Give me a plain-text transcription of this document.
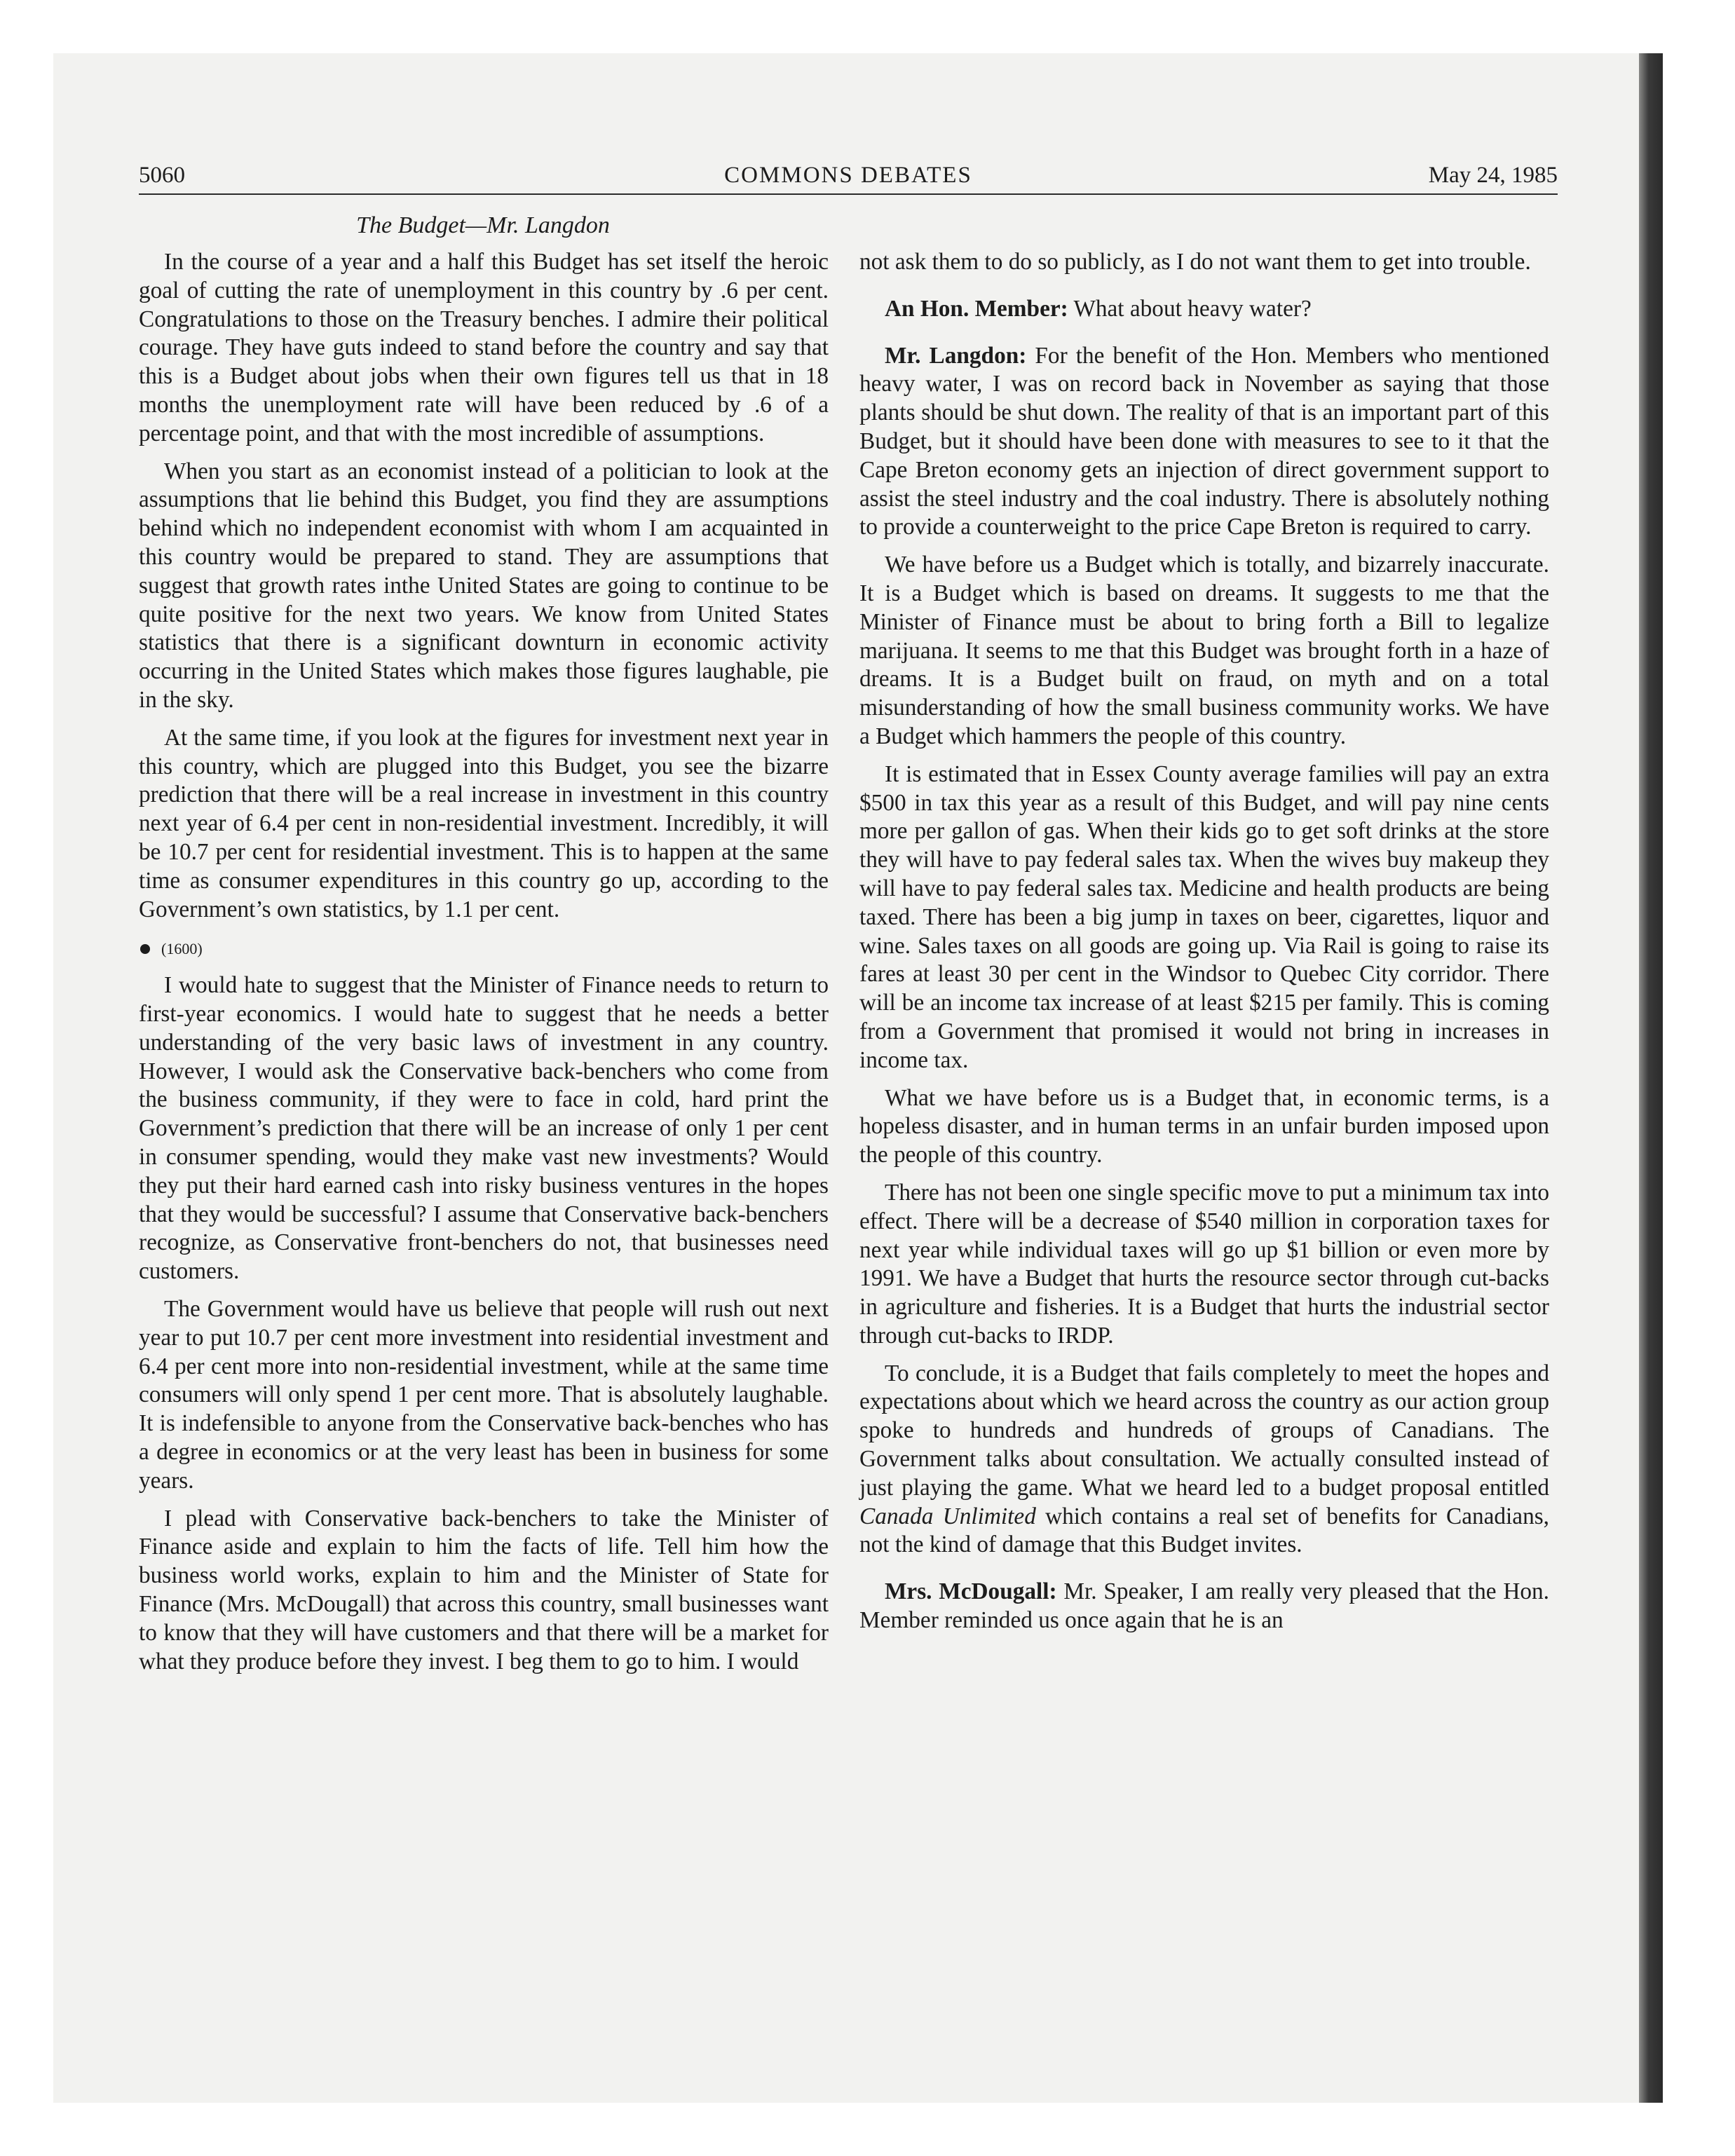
5060	COMMONS DEBATES	May 24, 1985
The Budget—Mr. Langdon

In the course of a year and a half this Budget has set itself the heroic goal of cutting the rate of unemployment in this country by .6 per cent. Congratulations to those on the Treasury benches. I admire their political courage. They have guts indeed to stand before the country and say that this is a Budget about jobs when their own figures tell us that in 18 months the unemployment rate will have been reduced by .6 of a percentage point, and that with the most incredible of assumptions.

When you start as an economist instead of a politician to look at the assumptions that lie behind this Budget, you find they are assumptions behind which no independent economist with whom I am acquainted in this country would be prepared to stand. They are assumptions that suggest that growth rates inthe United States are going to continue to be quite positive for the next two years. We know from United States statistics that there is a significant downturn in economic activity occurring in the United States which makes those figures laughable, pie in the sky.

At the same time, if you look at the figures for investment next year in this country, which are plugged into this Budget, you see the bizarre prediction that there will be a real increase in investment in this country next year of 6.4 per cent in non-residential investment. Incredibly, it will be 10.7 per cent for residential investment. This is to happen at the same time as consumer expenditures in this country go up, according to the Government’s own statistics, by 1.1 per cent.

(1600)

I would hate to suggest that the Minister of Finance needs to return to first-year economics. I would hate to suggest that he needs a better understanding of the very basic laws of investment in any country. However, I would ask the Conservative back-benchers who come from the business community, if they were to face in cold, hard print the Government’s prediction that there will be an increase of only 1 per cent in consumer spending, would they make vast new investments? Would they put their hard earned cash into risky business ventures in the hopes that they would be successful? I assume that Conservative back-benchers recognize, as Conservative front-benchers do not, that businesses need customers.

The Government would have us believe that people will rush out next year to put 10.7 per cent more investment into residential investment and 6.4 per cent more into non-residential investment, while at the same time consumers will only spend 1 per cent more. That is absolutely laughable. It is indefensible to anyone from the Conservative back-benches who has a degree in economics or at the very least has been in business for some years.

I plead with Conservative back-benchers to take the Minister of Finance aside and explain to him the facts of life. Tell him how the business world works, explain to him and the Minister of State for Finance (Mrs. McDougall) that across this country, small businesses want to know that they will have customers and that there will be a market for what they produce before they invest. I beg them to go to him. I would

not ask them to do so publicly, as I do not want them to get into trouble.

An Hon. Member: What about heavy water?

Mr. Langdon: For the benefit of the Hon. Members who mentioned heavy water, I was on record back in November as saying that those plants should be shut down. The reality of that is an important part of this Budget, but it should have been done with measures to see to it that the Cape Breton economy gets an injection of direct government support to assist the steel industry and the coal industry. There is absolutely nothing to provide a counterweight to the price Cape Breton is required to carry.

We have before us a Budget which is totally, and bizarrely inaccurate. It is a Budget which is based on dreams. It suggests to me that the Minister of Finance must be about to bring forth a Bill to legalize marijuana. It seems to me that this Budget was brought forth in a haze of dreams. It is a Budget built on fraud, on myth and on a total misunderstanding of how the small business community works. We have a Budget which hammers the people of this country.

It is estimated that in Essex County average families will pay an extra $500 in tax this year as a result of this Budget, and will pay nine cents more per gallon of gas. When their kids go to get soft drinks at the store they will have to pay federal sales tax. When the wives buy makeup they will have to pay federal sales tax. Medicine and health products are being taxed. There has been a big jump in taxes on beer, cigarettes, liquor and wine. Sales taxes on all goods are going up. Via Rail is going to raise its fares at least 30 per cent in the Windsor to Quebec City corridor. There will be an income tax increase of at least $215 per family. This is coming from a Government that promised it would not bring in increases in income tax.

What we have before us is a Budget that, in economic terms, is a hopeless disaster, and in human terms in an unfair burden imposed upon the people of this country.

There has not been one single specific move to put a minimum tax into effect. There will be a decrease of $540 million in corporation taxes for next year while individual taxes will go up $1 billion or even more by 1991. We have a Budget that hurts the resource sector through cut-backs in agriculture and fisheries. It is a Budget that hurts the industrial sector through cut-backs to IRDP.

To conclude, it is a Budget that fails completely to meet the hopes and expectations about which we heard across the country as our action group spoke to hundreds and hundreds of groups of Canadians. The Government talks about consultation. We actually consulted instead of just playing the game. What we heard led to a budget proposal entitled Canada Unlimited which contains a real set of benefits for Canadians, not the kind of damage that this Budget invites.

Mrs. McDougall: Mr. Speaker, I am really very pleased that the Hon. Member reminded us once again that he is an
